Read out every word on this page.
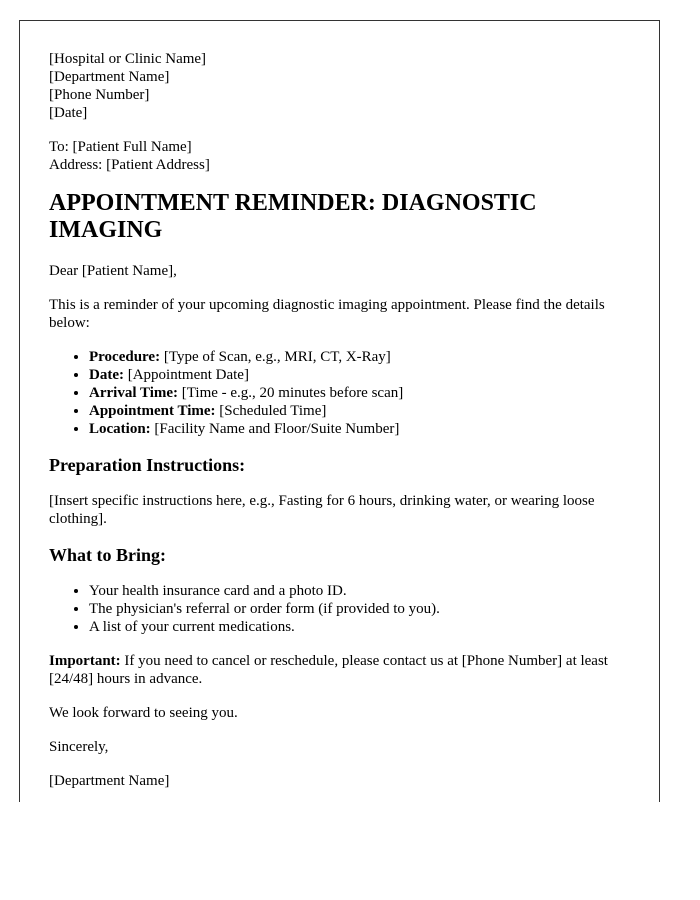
[Hospital or Clinic Name]
[Department Name]
[Phone Number]
[Date]
To: [Patient Full Name]
Address: [Patient Address]
APPOINTMENT REMINDER: DIAGNOSTIC IMAGING

Dear [Patient Name],

This is a reminder of your upcoming diagnostic imaging appointment. Please find the details below:

• Procedure: [Type of Scan, e.g., MRI, CT, X-Ray]
• Date: [Appointment Date]
• Arrival Time: [Time - e.g., 20 minutes before scan]
• Appointment Time: [Scheduled Time]
• Location: [Facility Name and Floor/Suite Number]
Preparation Instructions:

[Insert specific instructions here, e.g., Fasting for 6 hours, drinking water, or wearing loose clothing].

What to Bring:
• Your health insurance card and a photo ID.
• The physician's referral or order form (if provided to you).
• A list of your current medications.

Important: If you need to cancel or reschedule, please contact us at [Phone Number] at least [24/48] hours in advance.

We look forward to seeing you.

Sincerely,

[Department Name]
